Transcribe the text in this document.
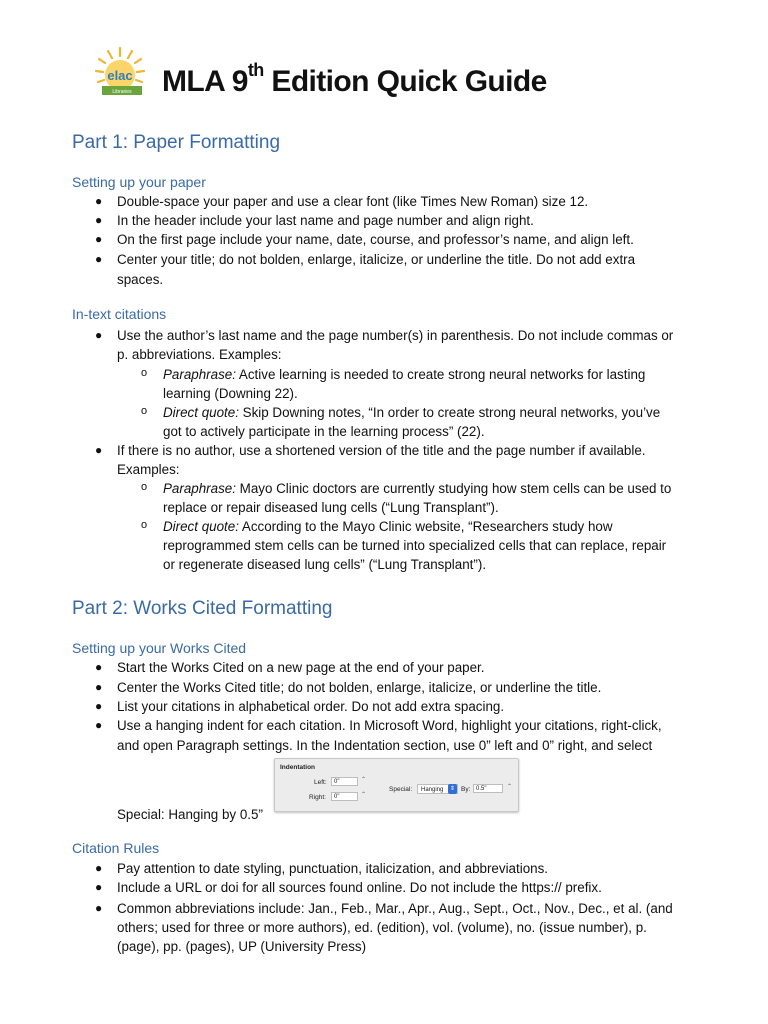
elac
Libraries MLA 9th Edition Quick Guide
Part 1: Paper Formatting
Setting up your paper
● Double-space your paper and use a clear font (like Times New Roman) size 12.
● In the header include your last name and page number and align right.
● On the first page include your name, date, course, and professor’s name, and align left.
● Center your title; do not bolden, enlarge, italicize, or underline the title. Do not add extra
spaces.
In-text citations
● Use the author’s last name and the page number(s) in parenthesis. Do not include commas or
p. abbreviations. Examples:
o Paraphrase: Active learning is needed to create strong neural networks for lasting
learning (Downing 22).
o Direct quote: Skip Downing notes, “In order to create strong neural networks, you’ve
got to actively participate in the learning process” (22).
● If there is no author, use a shortened version of the title and the page number if available.
Examples:
o Paraphrase: Mayo Clinic doctors are currently studying how stem cells can be used to
replace or repair diseased lung cells (“Lung Transplant”).
o Direct quote: According to the Mayo Clinic website, “Researchers study how
reprogrammed stem cells can be turned into specialized cells that can replace, repair
or regenerate diseased lung cells” (“Lung Transplant”).
Part 2: Works Cited Formatting
Setting up your Works Cited
● Start the Works Cited on a new page at the end of your paper.
● Center the Works Cited title; do not bolden, enlarge, italicize, or underline the title.
● List your citations in alphabetical order. Do not add extra spacing.
● Use a hanging indent for each citation. In Microsoft Word, highlight your citations, right-click,
and open Paragraph settings. In the Indentation section, use 0” left and 0” right, and select
Indentation
Left:	0"	⌃

Right:	0"	⌃
Special:	Hanging	⇕ By: 0.5"	⌃
Special: Hanging by 0.5”
Citation Rules
● Pay attention to date styling, punctuation, italicization, and abbreviations.
● Include a URL or doi for all sources found online. Do not include the https:// prefix.
● Common abbreviations include: Jan., Feb., Mar., Apr., Aug., Sept., Oct., Nov., Dec., et al. (and
others; used for three or more authors), ed. (edition), vol. (volume), no. (issue number), p.
(page), pp. (pages), UP (University Press)
